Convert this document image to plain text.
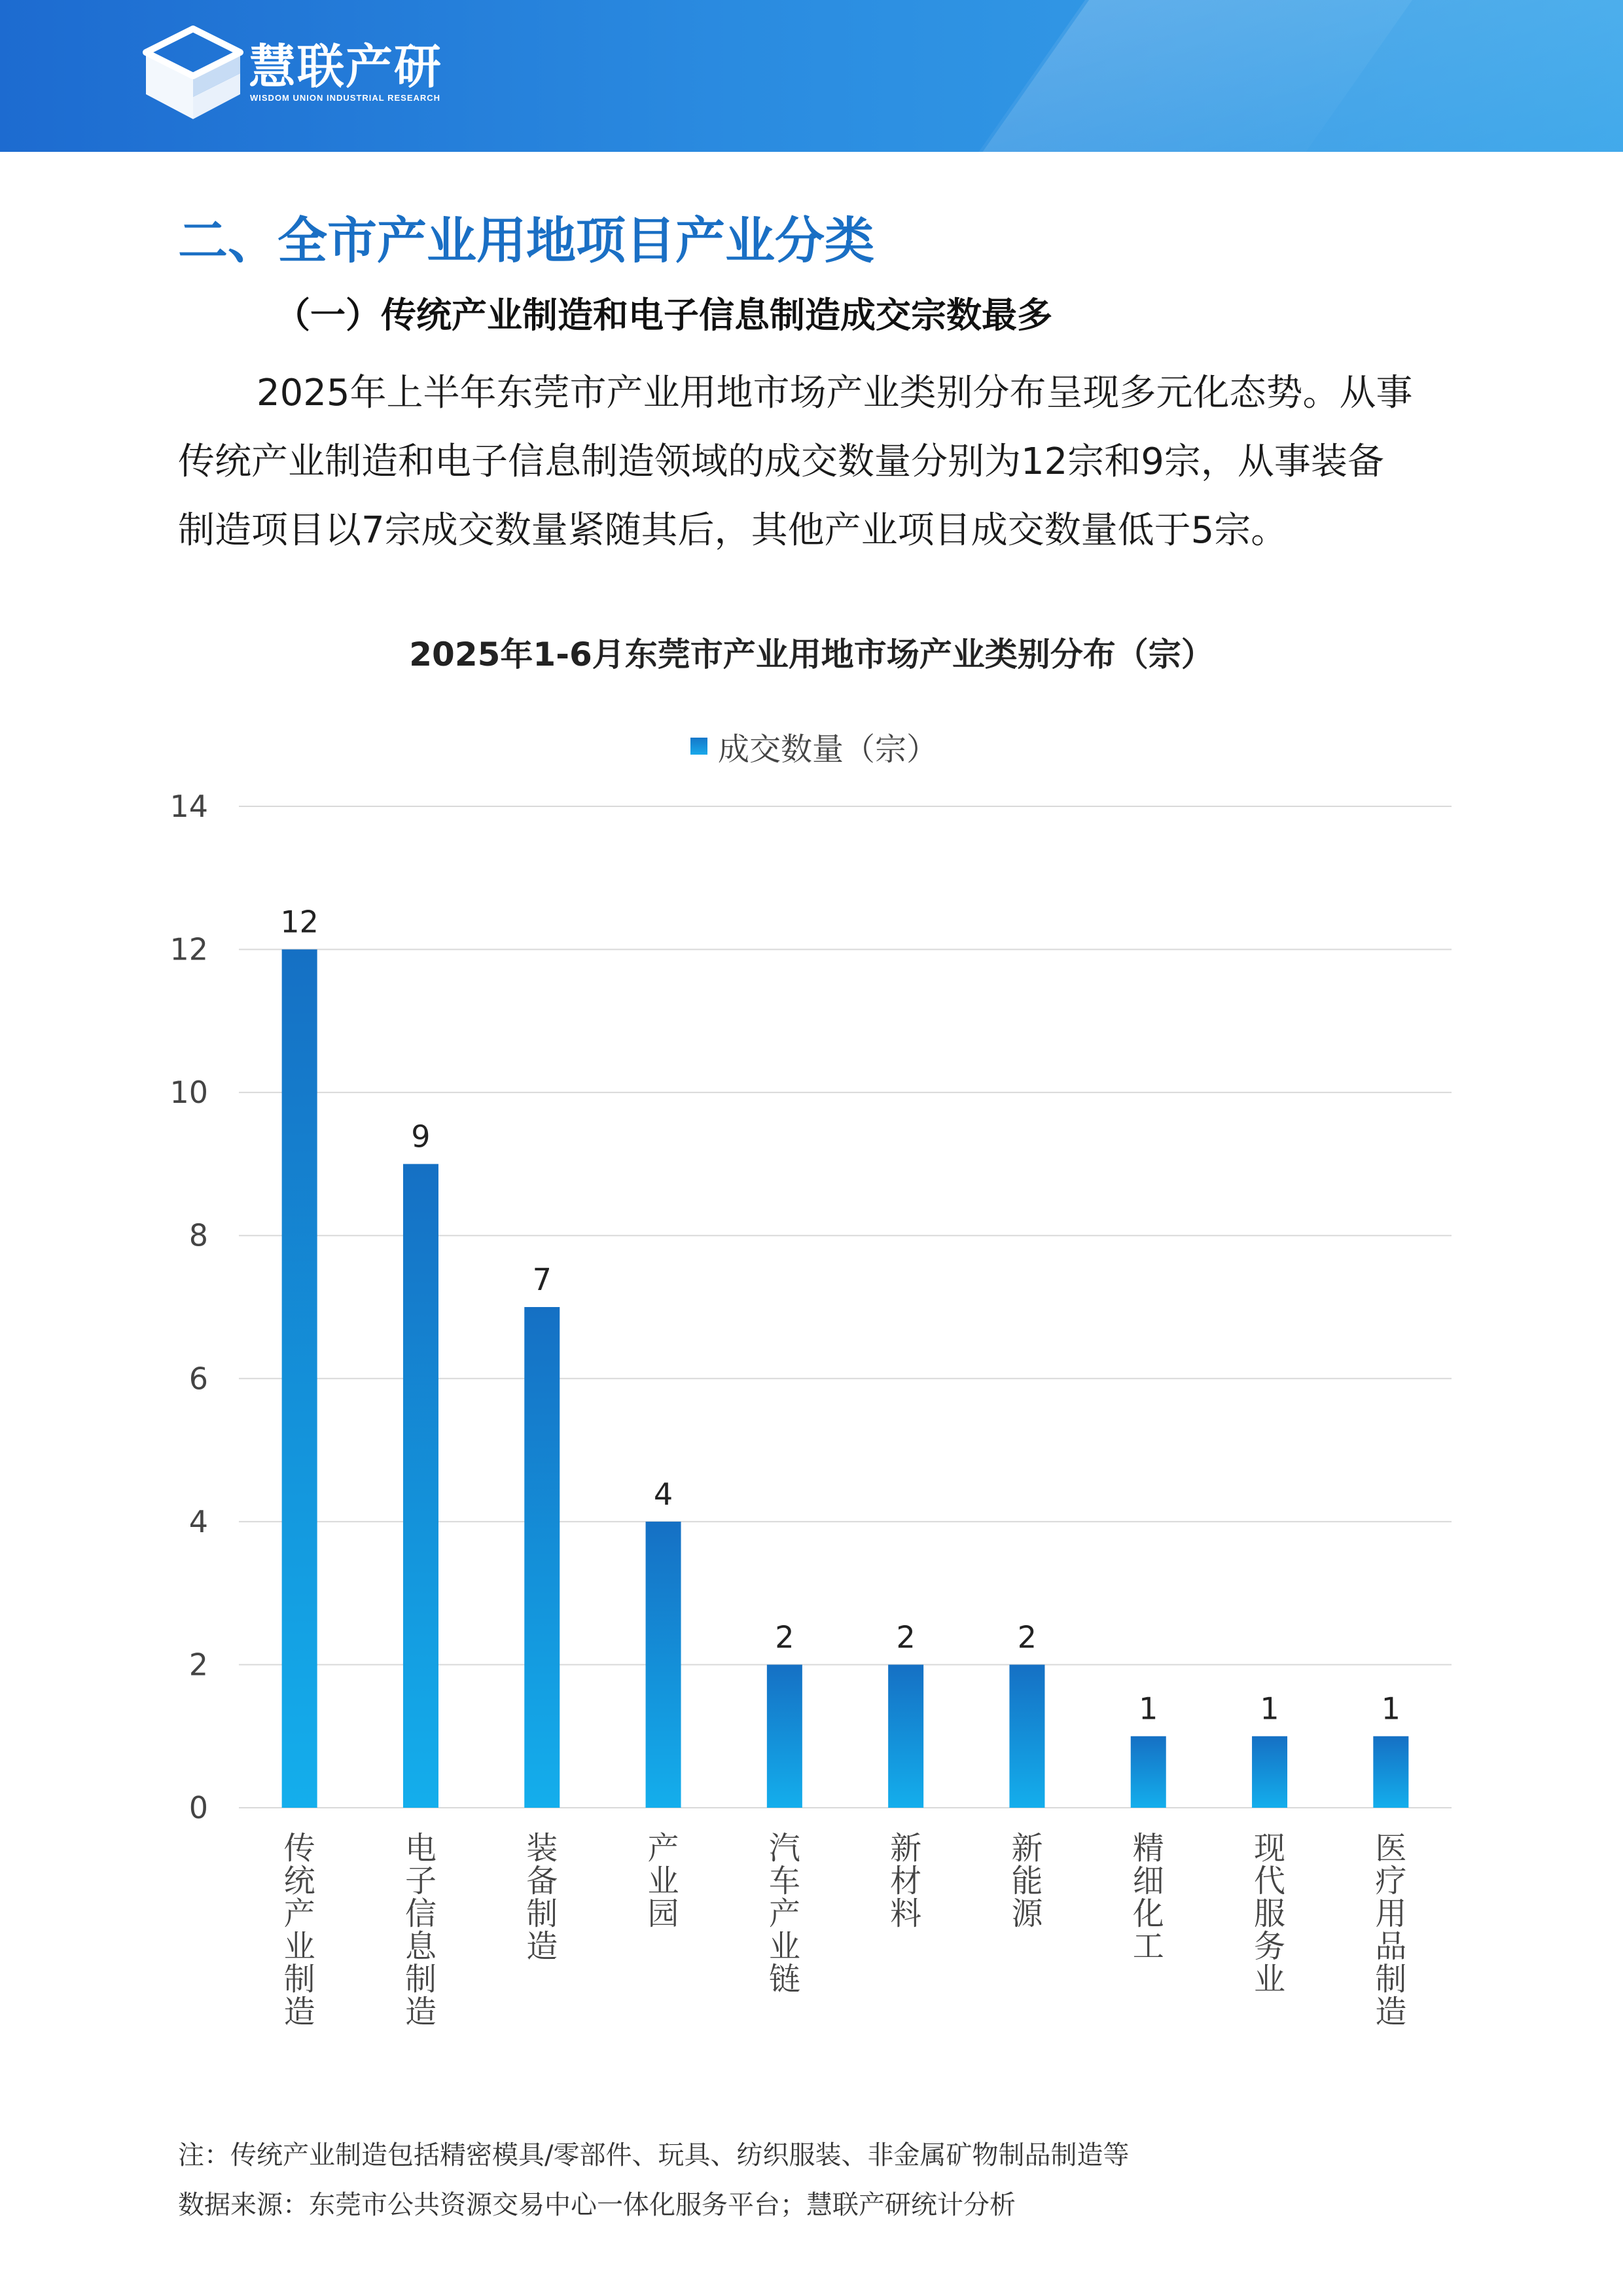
慧联产研
WISDOM UNION INDUSTRIAL RESEARCH
二、全市产业用地项目产业分类
（一）传统产业制造和电子信息制造成交宗数最多

2025年上半年东莞市产业用地市场产业类别分布呈现多元化态势。从事

传统产业制造和电子信息制造领域的成交数量分别为12宗和9宗，从事装备

制造项目以7宗成交数量紧随其后，其他产业项目成交数量低于5宗。

2025年1-6月东莞市产业用地市场产业类别分布（宗）
成交数量（宗）
0
2
4
6
8
10
12
14
12
传统产业制造
9
电子信息制造
7
装备制造
4
产业园
2
汽车产业链
2
新材料
2
新能源
1
精细化工
1
现代服务业
1
医疗用品制造
注：传统产业制造包括精密模具/零部件、玩具、纺织服装、非金属矿物制品制造等
数据来源：东莞市公共资源交易中心一体化服务平台；慧联产研统计分析
